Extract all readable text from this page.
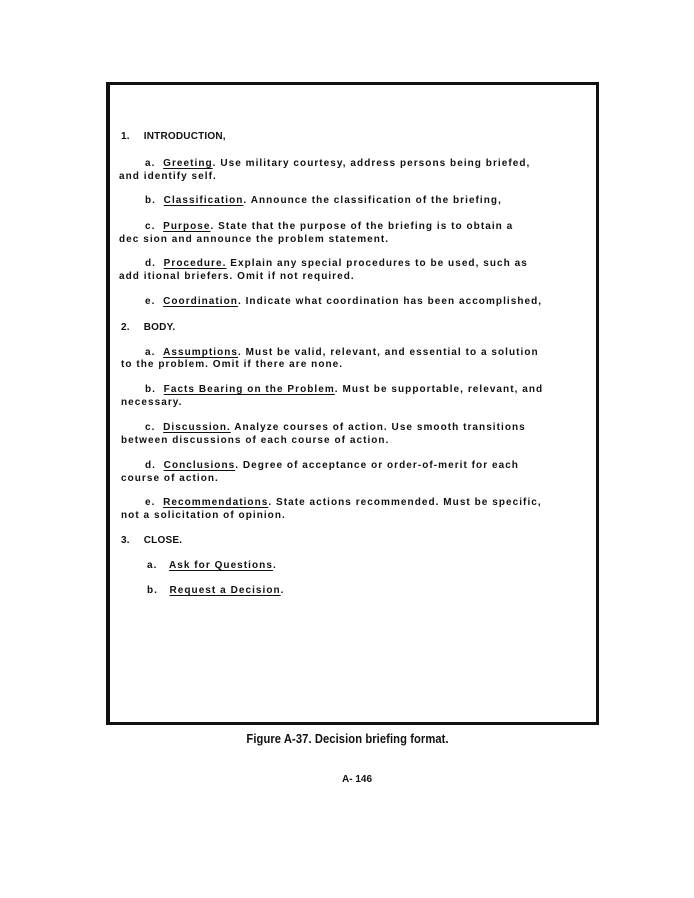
1. INTRODUCTION,
a. Greeting. Use military courtesy, address persons being briefed,
and identify self.
b. Classification. Announce the classification of the briefing,
c. Purpose. State that the purpose of the briefing is to obtain a
dec sion and announce the problem statement.
d. Procedure. Explain any special procedures to be used, such as
add itional briefers. Omit if not required.
e. Coordination. Indicate what coordination has been accomplished,
2. BODY.
a. Assumptions. Must be valid, relevant, and essential to a solution
to the problem. Omit if there are none.
b. Facts Bearing on the Problem. Must be supportable, relevant, and
necessary.
c. Discussion. Analyze courses of action. Use smooth transitions
between discussions of each course of action.
d. Conclusions. Degree of acceptance or order-of-merit for each
course of action.
e. Recommendations. State actions recommended. Must be specific,
not a solicitation of opinion.
3. CLOSE.
a. Ask for Questions.
b. Request a Decision.
Figure A-37. Decision briefing format.
A- 146
